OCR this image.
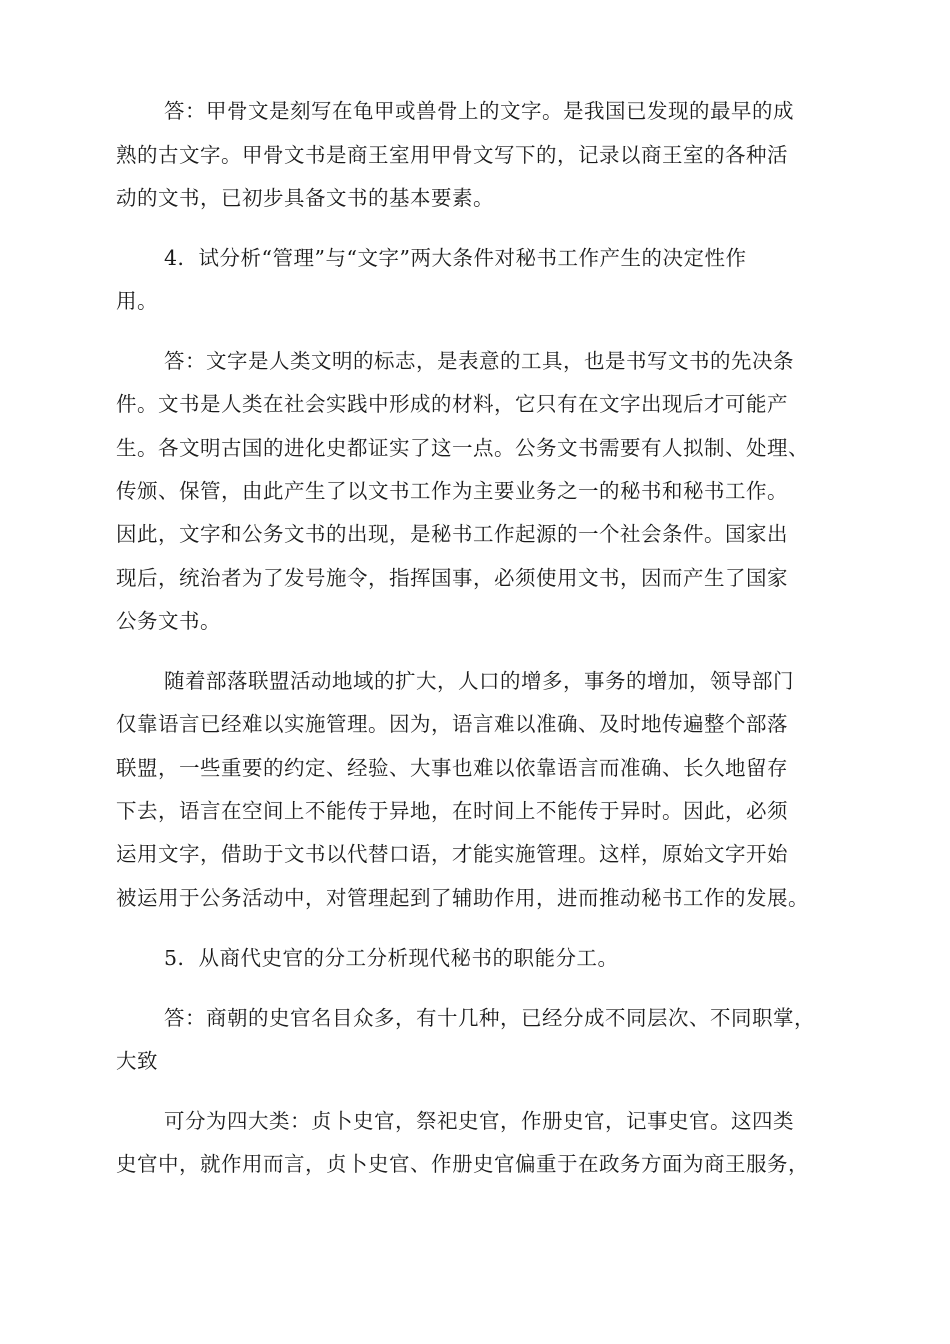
答：甲骨文是刻写在龟甲或兽骨上的文字。是我国已发现的最早的成

熟的古文字。甲骨文书是商王室用甲骨文写下的，记录以商王室的各种活

动的文书，已初步具备文书的基本要素。

4．试分析“管理”与“文字”两大条件对秘书工作产生的决定性作

用。

答：文字是人类文明的标志，是表意的工具，也是书写文书的先决条

件。文书是人类在社会实践中形成的材料，它只有在文字出现后才可能产

生。各文明古国的进化史都证实了这一点。公务文书需要有人拟制、处理、

传颁、保管，由此产生了以文书工作为主要业务之一的秘书和秘书工作。

因此，文字和公务文书的出现，是秘书工作起源的一个社会条件。国家出

现后，统治者为了发号施令，指挥国事，必须使用文书，因而产生了国家

公务文书。

随着部落联盟活动地域的扩大，人口的增多，事务的增加，领导部门

仅靠语言已经难以实施管理。因为，语言难以准确、及时地传遍整个部落

联盟，一些重要的约定、经验、大事也难以依靠语言而准确、长久地留存

下去，语言在空间上不能传于异地，在时间上不能传于异时。因此，必须

运用文字，借助于文书以代替口语，才能实施管理。这样，原始文字开始

被运用于公务活动中，对管理起到了辅助作用，进而推动秘书工作的发展。

5．从商代史官的分工分析现代秘书的职能分工。

答：商朝的史官名目众多，有十几种，已经分成不同层次、不同职掌，

大致

可分为四大类：贞卜史官，祭祀史官，作册史官，记事史官。这四类

史官中，就作用而言，贞卜史官、作册史官偏重于在政务方面为商王服务，
